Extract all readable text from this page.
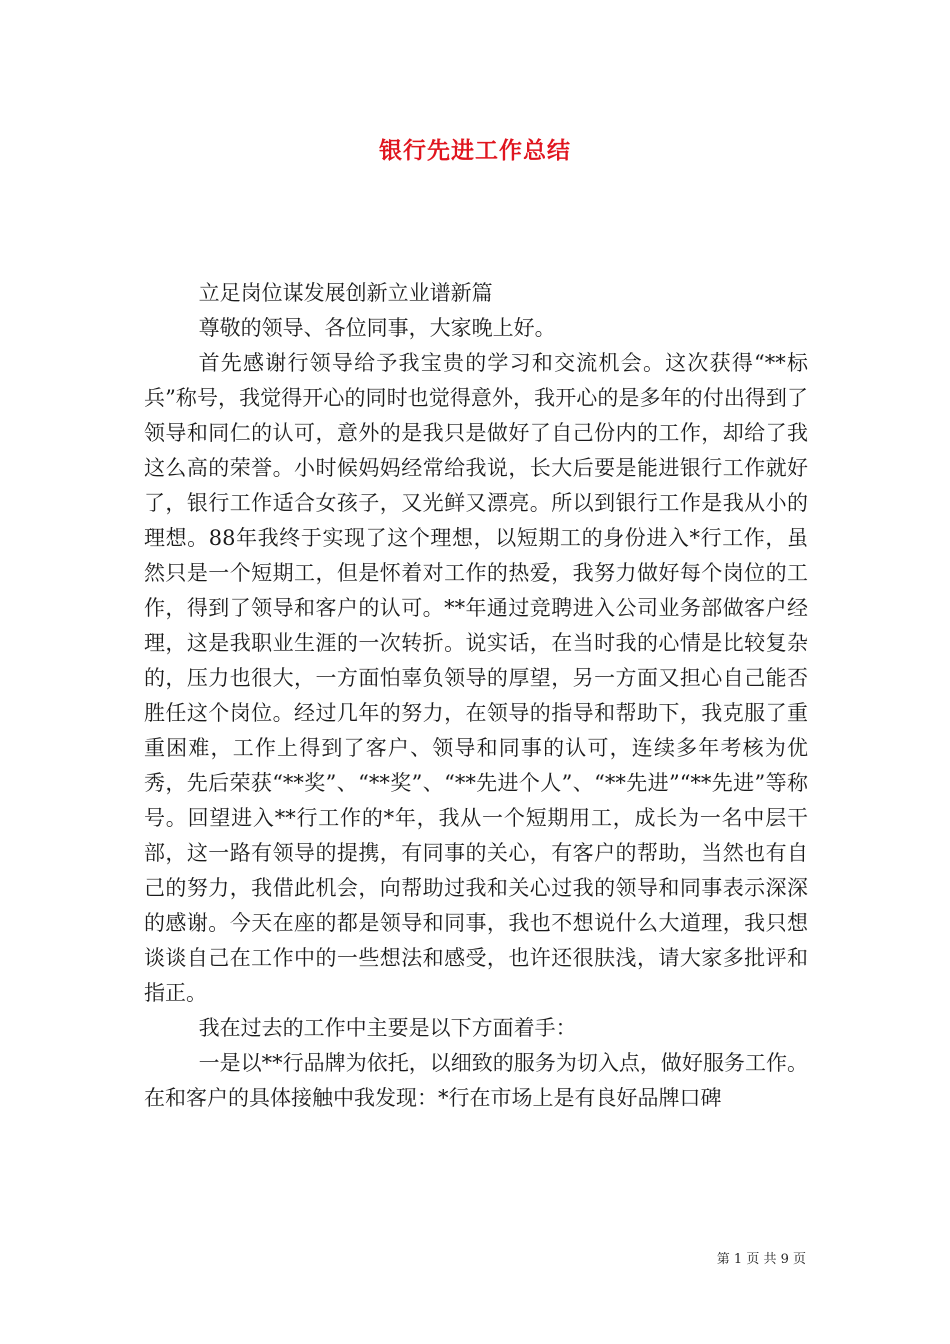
银行先进工作总结

立足岗位谋发展创新立业谱新篇

尊敬的领导、各位同事，大家晚上好。

首先感谢行领导给予我宝贵的学习和交流机会。这次获得“**标兵”称号，我觉得开心的同时也觉得意外，我开心的是多年的付出得到了领导和同仁的认可，意外的是我只是做好了自己份内的工作，却给了我这么高的荣誉。小时候妈妈经常给我说，长大后要是能进银行工作就好了，银行工作适合女孩子，又光鲜又漂亮。所以到银行工作是我从小的理想。88年我终于实现了这个理想，以短期工的身份进入*行工作，虽然只是一个短期工，但是怀着对工作的热爱，我努力做好每个岗位的工作，得到了领导和客户的认可。**年通过竞聘进入公司业务部做客户经理，这是我职业生涯的一次转折。说实话，在当时我的心情是比较复杂的，压力也很大，一方面怕辜负领导的厚望，另一方面又担心自己能否胜任这个岗位。经过几年的努力，在领导的指导和帮助下，我克服了重重困难，工作上得到了客户、领导和同事的认可，连续多年考核为优秀，先后荣获“**奖”、“**奖”、“**先进个人”、“**先进”“**先进”等称号。回望进入**行工作的*年，我从一个短期用工，成长为一名中层干部，这一路有领导的提携，有同事的关心，有客户的帮助，当然也有自己的努力，我借此机会，向帮助过我和关心过我的领导和同事表示深深的感谢。今天在座的都是领导和同事，我也不想说什么大道理，我只想谈谈自己在工作中的一些想法和感受，也许还很肤浅，请大家多批评和指正。

我在过去的工作中主要是以下方面着手：

一是以**行品牌为依托，以细致的服务为切入点，做好服务工作。在和客户的具体接触中我发现：*行在市场上是有良好品牌口碑

第 1 页 共 9 页
